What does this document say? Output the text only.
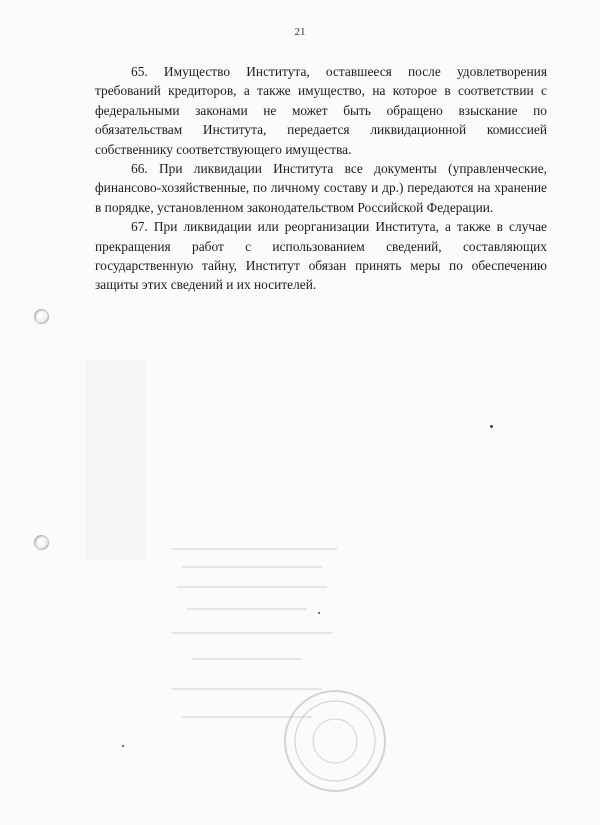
21

65. Имущество Института, оставшееся после удовлетворения требований кредиторов, а также имущество, на которое в соответствии с федеральными законами не может быть обращено взыскание по обязательствам Института, передается ликвидационной комиссией собственнику соответствующего имущества.

66. При ликвидации Института все документы (управленческие, финансово-хозяйственные, по личному составу и др.) передаются на хранение в порядке, установленном законодательством Российской Федерации.

67. При ликвидации или реорганизации Института, а также в случае прекращения работ с использованием сведений, составляющих государственную тайну, Институт обязан принять меры по обеспечению защиты этих сведений и их носителей.
